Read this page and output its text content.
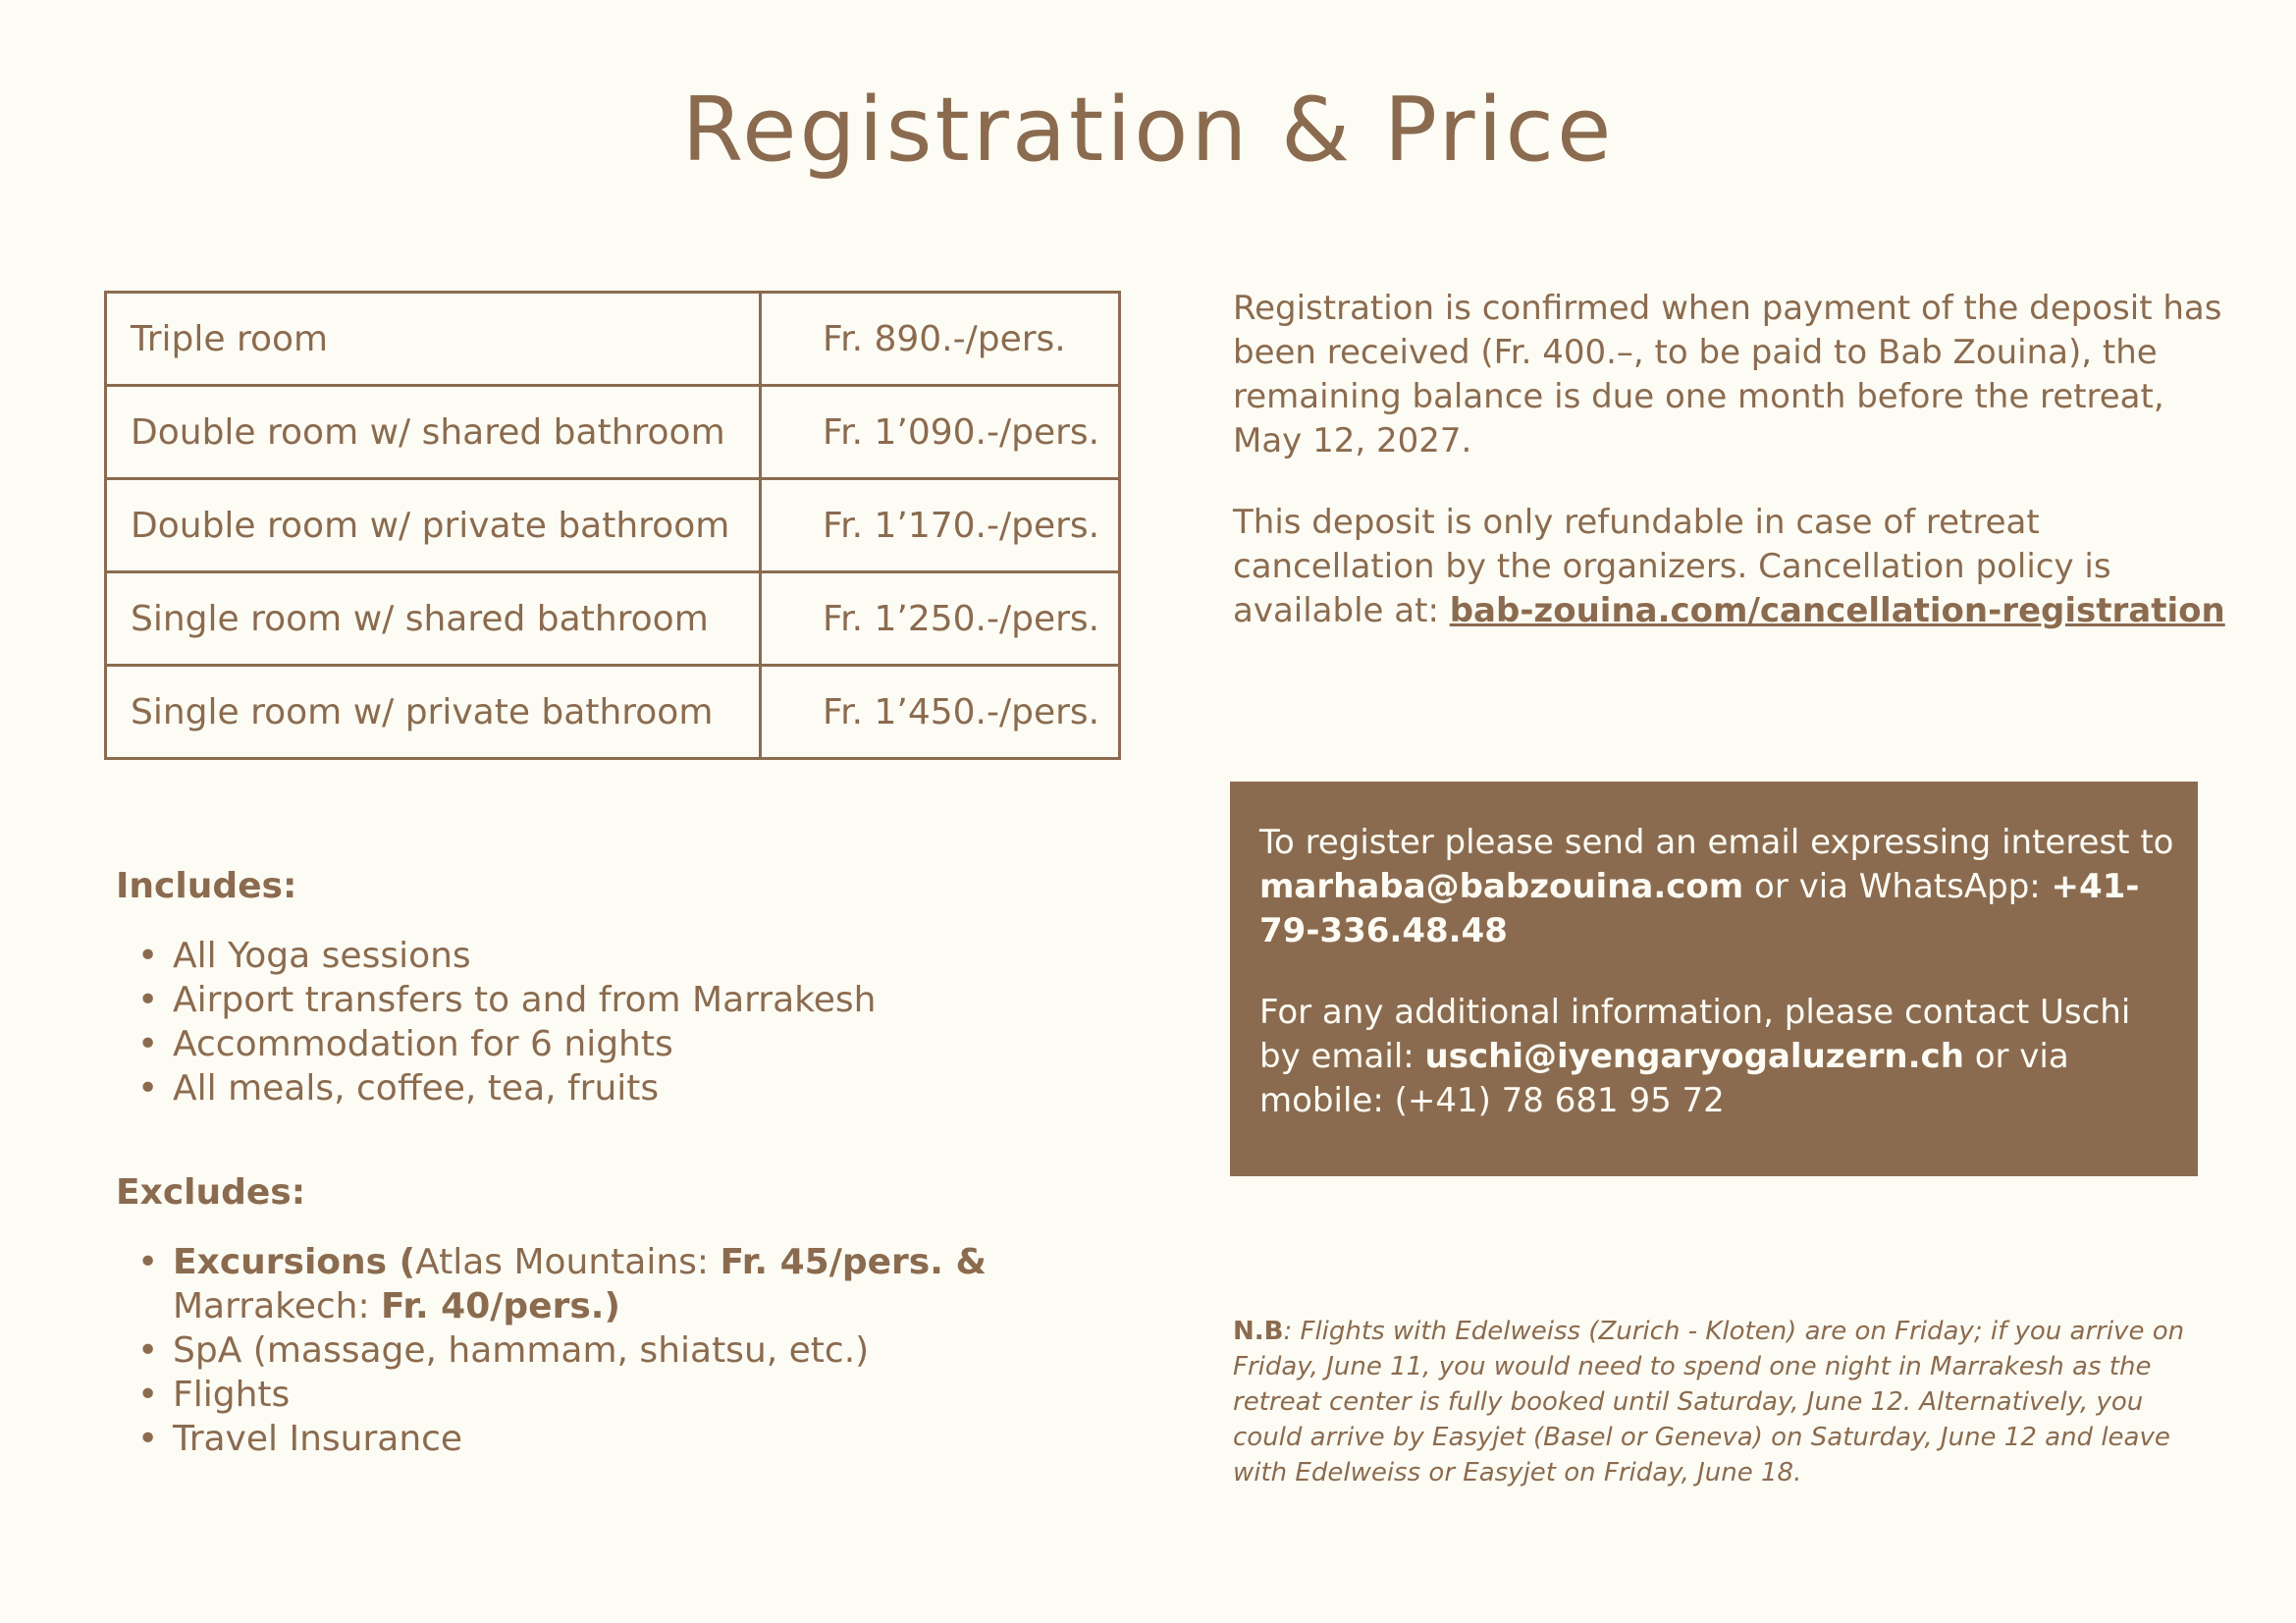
Registration & Price
Triple room	Fr. 890.-/pers.
Double room w/ shared bathroom	Fr. 1’090.-/pers.
Double room w/ private bathroom	Fr. 1’170.-/pers.
Single room w/ shared bathroom	Fr. 1’250.-/pers.
Single room w/ private bathroom	Fr. 1’450.-/pers.
Includes:
• All Yoga sessions
• Airport transfers to and from Marrakesh
• Accommodation for 6 nights
• All meals, coffee, tea, fruits
Excludes:
• Excursions (Atlas Mountains: Fr. 45/pers. &
Marrakech: Fr. 40/pers.)
• SpA (massage, hammam, shiatsu, etc.)
• Flights
• Travel Insurance

Registration is confirmed when payment of the deposit has been received (Fr. 400.–, to be paid to Bab Zouina), the remaining balance is due one month before the retreat, May 12, 2027.

This deposit is only refundable in case of retreat cancellation by the organizers. Cancellation policy is available at: bab-zouina.com/cancellation-registration

To register please send an email expressing interest to marhaba@babzouina.com or via WhatsApp: +41-79-336.48.48

For any additional information, please contact Uschi by email: uschi@iyengaryogaluzern.ch or via mobile: (+41) 78 681 95 72

N.B: Flights with Edelweiss (Zurich - Kloten) are on Friday; if you arrive on Friday, June 11, you would need to spend one night in Marrakesh as the retreat center is fully booked until Saturday, June 12. Alternatively, you could arrive by Easyjet (Basel or Geneva) on Saturday, June 12 and leave with Edelweiss or Easyjet on Friday, June 18.
